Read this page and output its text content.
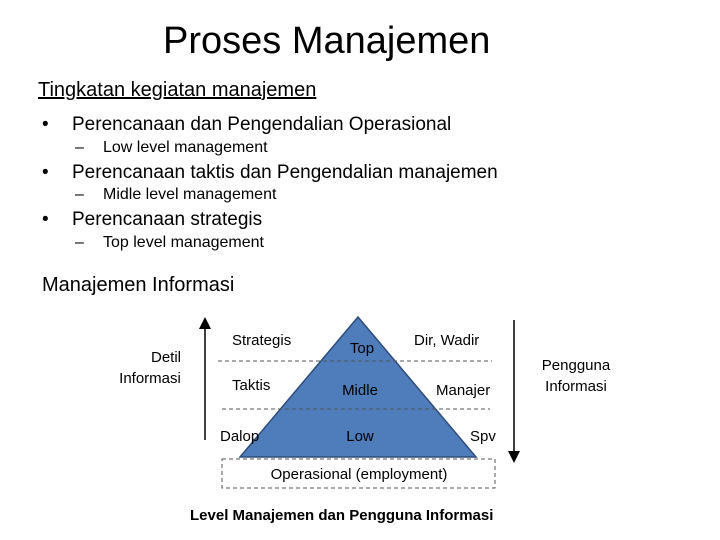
Proses Manajemen
Tingkatan kegiatan manajemen
• Perencanaan dan Pengendalian Operasional
– Low level management
• Perencanaan taktis dan Pengendalian manajemen
– Midle level management
• Perencanaan strategis
– Top level management
Manajemen Informasi
Detil
Informasi
Pengguna
Informasi
Strategis
Taktis
Dalop
Top
Midle
Low
Dir, Wadir
Manajer
Spv
Operasional (employment)
Level Manajemen dan Pengguna Informasi
